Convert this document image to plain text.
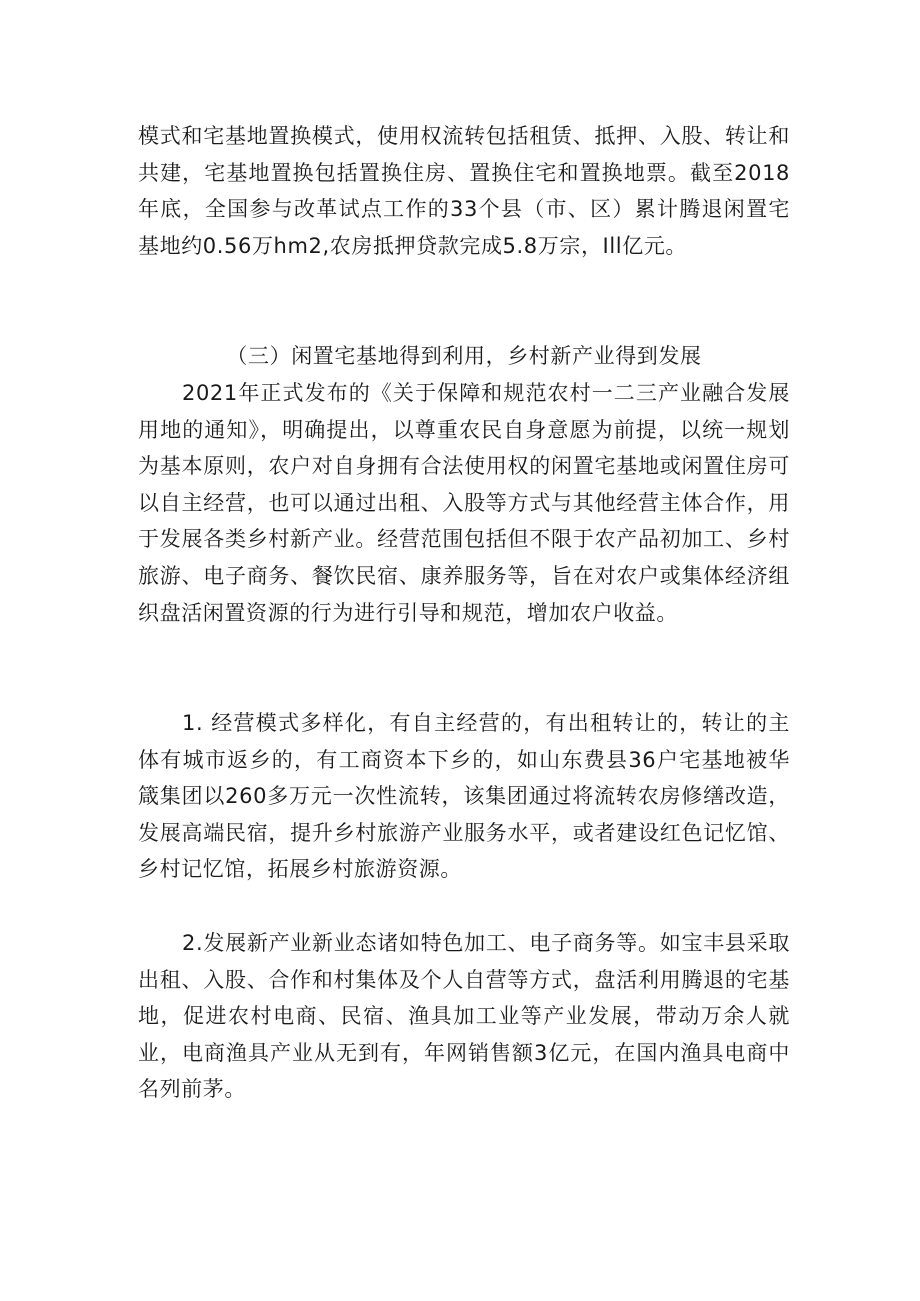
模式和宅基地置换模式，使用权流转包括租赁、抵押、入股、转让和共建，宅基地置换包括置换住房、置换住宅和置换地票。截至2018年底，全国参与改革试点工作的33个县（市、区）累计腾退闲置宅基地约0.56万hm2,农房抵押贷款完成5.8万宗，Ill亿元。

（三）闲置宅基地得到利用，乡村新产业得到发展

2021年正式发布的《关于保障和规范农村一二三产业融合发展用地的通知》，明确提出，以尊重农民自身意愿为前提，以统一规划为基本原则，农户对自身拥有合法使用权的闲置宅基地或闲置住房可以自主经营，也可以通过出租、入股等方式与其他经营主体合作，用于发展各类乡村新产业。经营范围包括但不限于农产品初加工、乡村旅游、电子商务、餐饮民宿、康养服务等，旨在对农户或集体经济组织盘活闲置资源的行为进行引导和规范，增加农户收益。

1. 经营模式多样化，有自主经营的，有出租转让的，转让的主体有城市返乡的，有工商资本下乡的，如山东费县36户宅基地被华箴集团以260多万元一次性流转，该集团通过将流转农房修缮改造，发展高端民宿，提升乡村旅游产业服务水平，或者建设红色记忆馆、乡村记忆馆，拓展乡村旅游资源。

2.发展新产业新业态诸如特色加工、电子商务等。如宝丰县采取出租、入股、合作和村集体及个人自营等方式，盘活利用腾退的宅基地，促进农村电商、民宿、渔具加工业等产业发展，带动万余人就业，电商渔具产业从无到有，年网销售额3亿元，在国内渔具电商中名列前茅。
